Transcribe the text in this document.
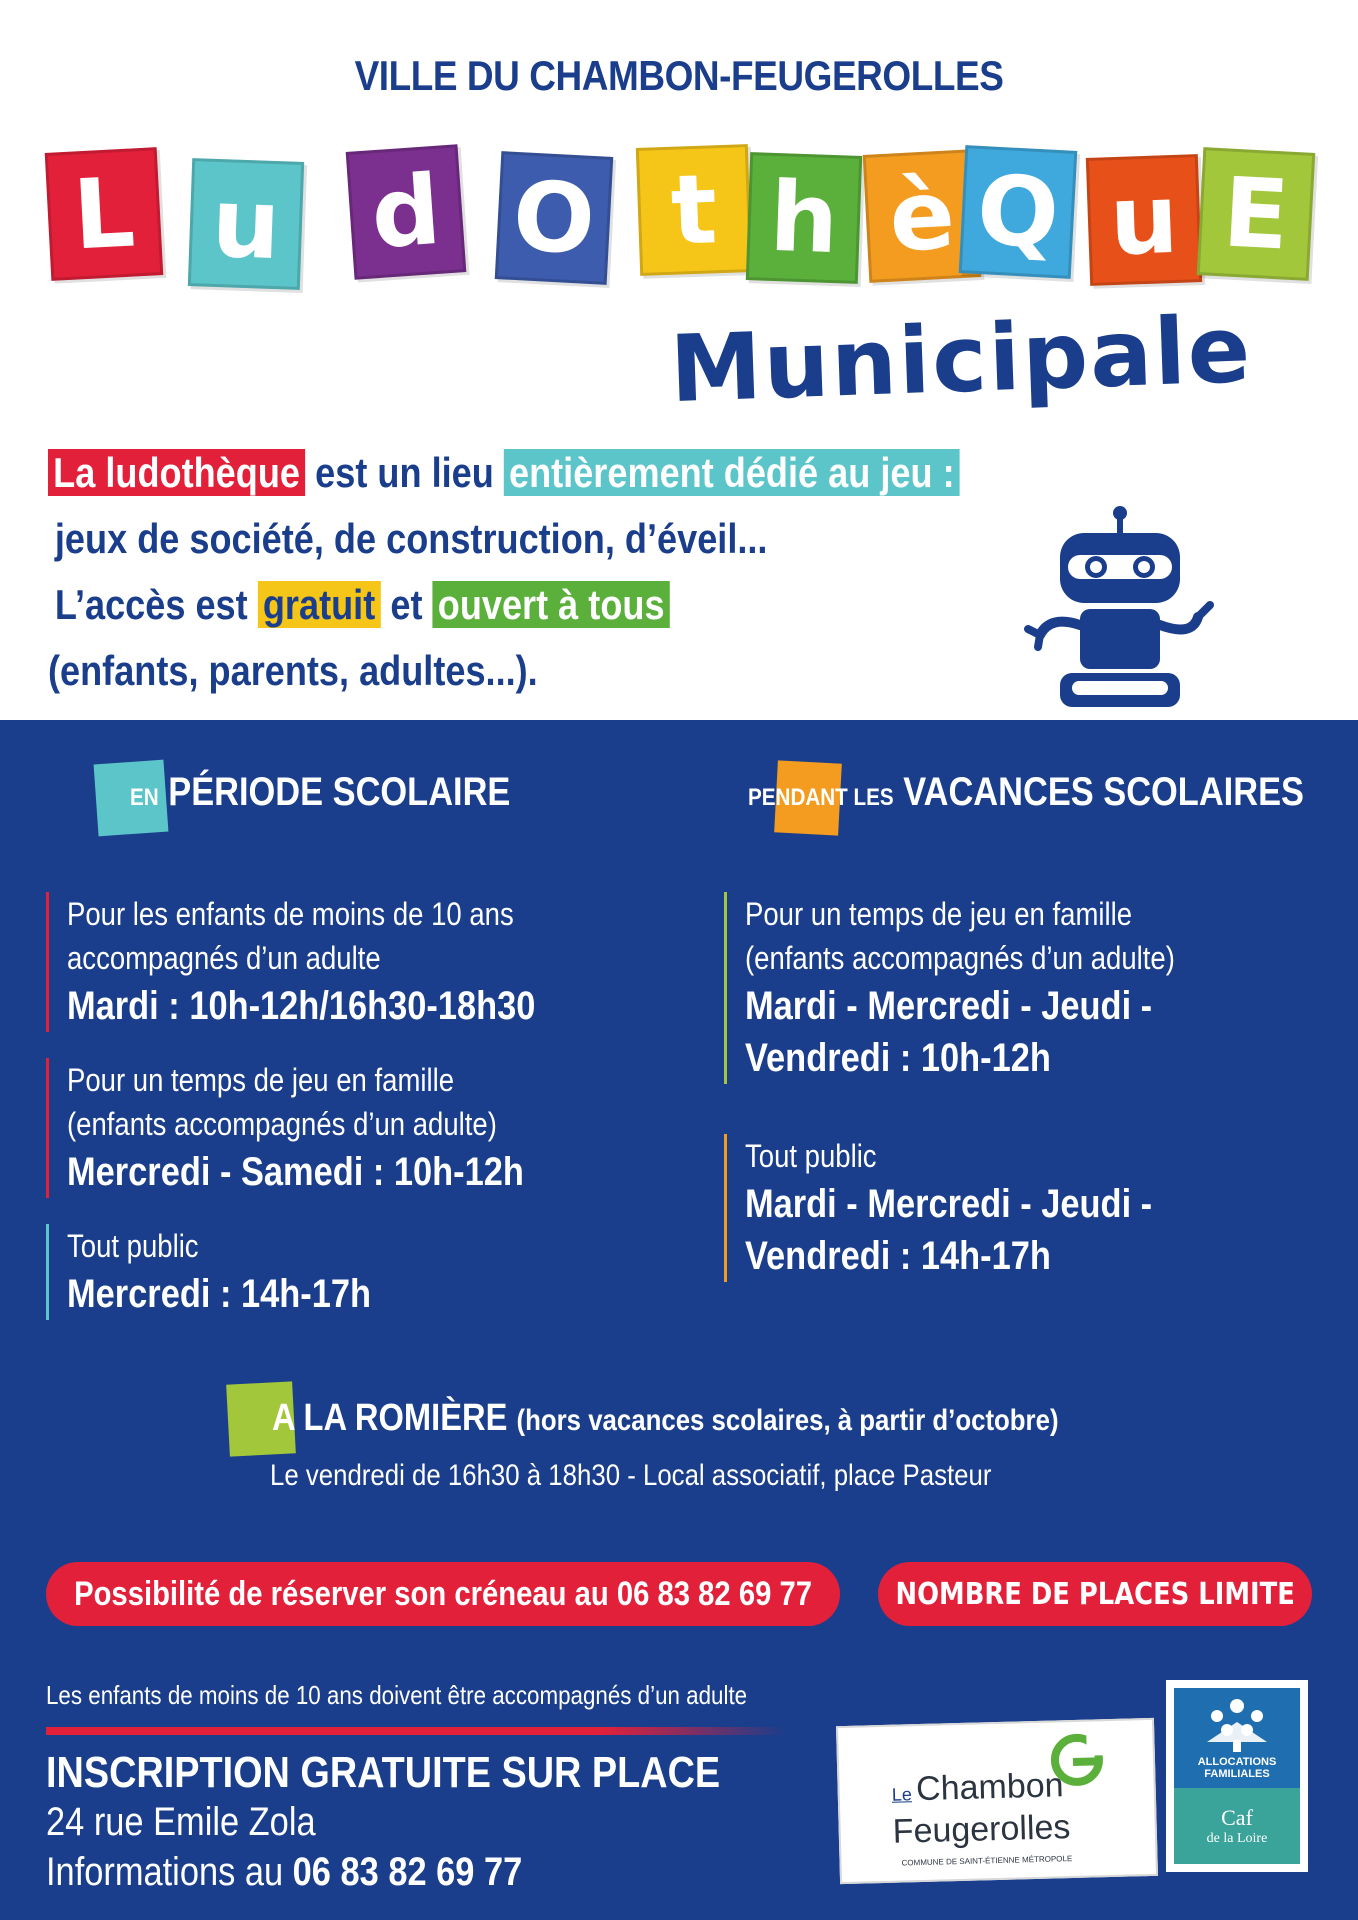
VILLE DU CHAMBON-FEUGEROLLES
L u d O t h è Q u E
Municipale
La ludothèque est un lieu entièrement dédié au jeu :
jeux de société, de construction, d’éveil...
L’accès est gratuit et ouvert à tous
(enfants, parents, adultes...).
EN PÉRIODE SCOLAIRE
Pour les enfants de moins de 10 ans
accompagnés d’un adulte
Mardi : 10h-12h/16h30-18h30
Pour un temps de jeu en famille
(enfants accompagnés d’un adulte)
Mercredi - Samedi : 10h-12h
Tout public
Mercredi : 14h-17h
PENDANT LES VACANCES SCOLAIRES
Pour un temps de jeu en famille
(enfants accompagnés d’un adulte)
Mardi - Mercredi - Jeudi -
Vendredi : 10h-12h
Tout public
Mardi - Mercredi - Jeudi -
Vendredi : 14h-17h
A LA ROMIÈRE (hors vacances scolaires, à partir d’octobre)
Le vendredi de 16h30 à 18h30 - Local associatif, place Pasteur
Possibilité de réserver son créneau au 06 83 82 69 77	NOMBRE DE PLACES LIMITE
Les enfants de moins de 10 ans doivent être accompagnés d’un adulte
INSCRIPTION GRATUITE SUR PLACE
24 rue Emile Zola
Informations au 06 83 82 69 77
Le Chambon
Feugerolles
COMMUNE DE SAINT-ÉTIENNE MÉTROPOLE
ALLOCATIONS
FAMILIALES
Caf
de la Loire
